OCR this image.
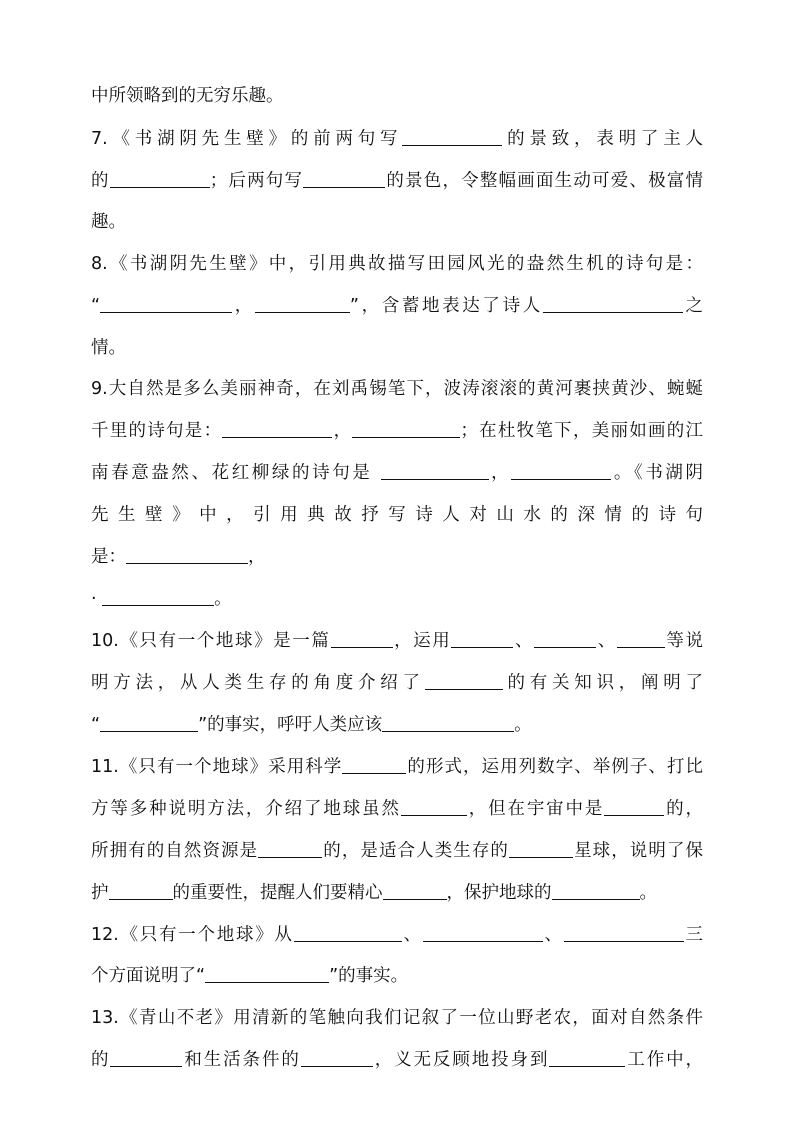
中所领略到的无穷乐趣。
7.《书湖阴先生壁》的前两句写	的景致，表明了主人
的	；后两句写	的景色，令整幅画面生动可爱、极富情
趣。
8.《书湖阴先生壁》中，引用典故描写田园风光的盎然生机的诗句是：
“	，	”，含蓄地表达了诗人	之
情。
9.大自然是多么美丽神奇，在刘禹锡笔下，波涛滚滚的黄河裹挟黄沙、蜿蜒
千里的诗句是：	，	；在杜牧笔下，美丽如画的江
南春意盎然、花红柳绿的诗句是	，	。《书湖阴
先生壁》中，引用典故抒写诗人对山水的深情的诗句
是：	，
·	。
10.《只有一个地球》是一篇	，运用	、	、	等说
明方法，从人类生存的角度介绍了	的有关知识，阐明了
“	”的事实，呼吁人类应该	。
11.《只有一个地球》采用科学	的形式，运用列数字、举例子、打比
方等多种说明方法，介绍了地球虽然	，但在宇宙中是	的，
所拥有的自然资源是	的，是适合人类生存的	星球，说明了保
护	的重要性，提醒人们要精心	，保护地球的	。
12.《只有一个地球》从	、	、	三
个方面说明了“	”的事实。
13.《青山不老》用清新的笔触向我们记叙了一位山野老农，面对自然条件
的	和生活条件的	，义无反顾地投身到	工作中，
